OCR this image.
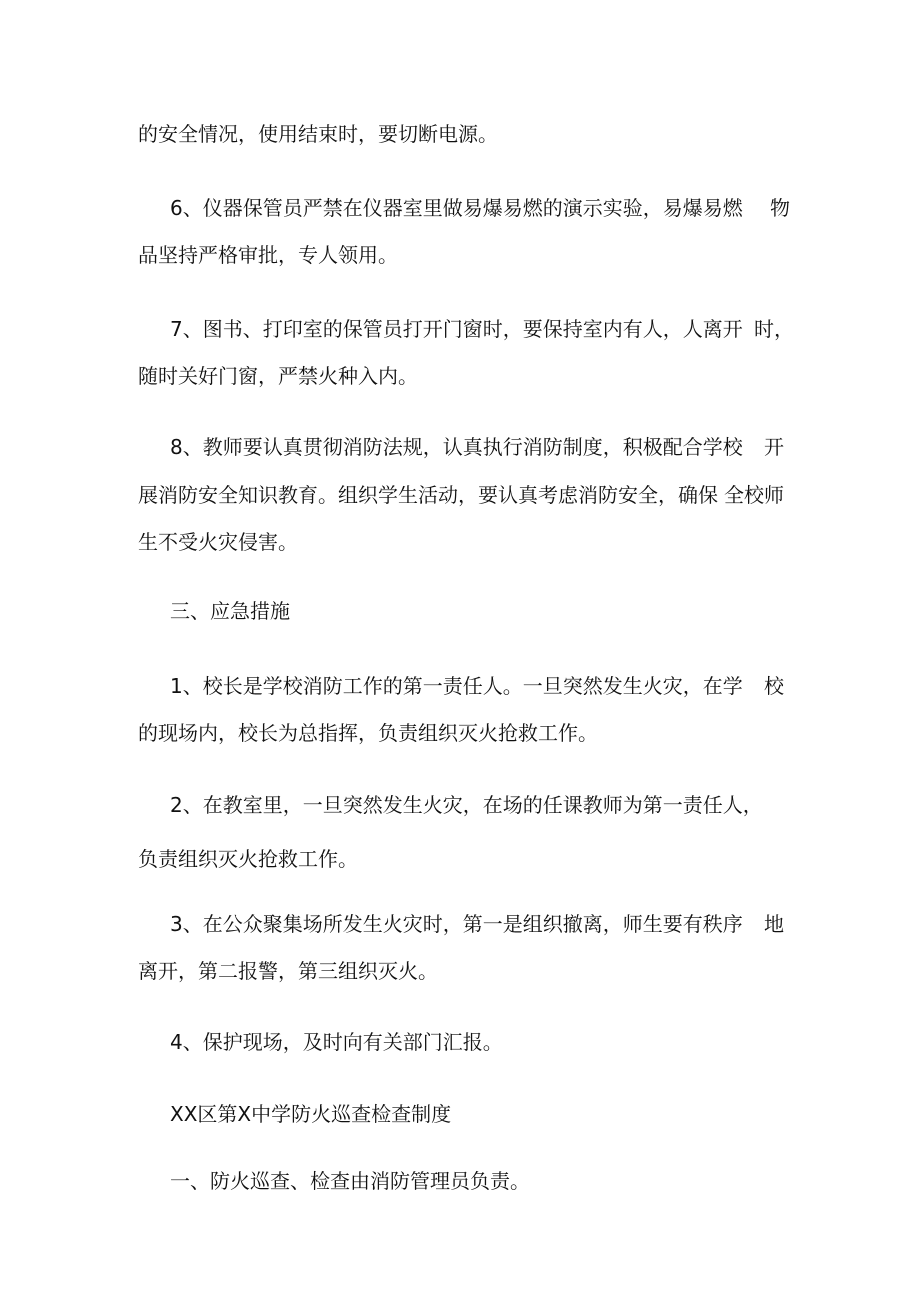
的安全情况，使用结束时，要切断电源。

6、仪器保管员严禁在仪器室里做易爆易燃的演示实验，易爆易燃 物

品坚持严格审批，专人领用。

7、图书、打印室的保管员打开门窗时，要保持室内有人，人离开 时，

随时关好门窗，严禁火种入内。

8、教师要认真贯彻消防法规，认真执行消防制度，积极配合学校 开

展消防安全知识教育。组织学生活动，要认真考虑消防安全，确保 全校师

生不受火灾侵害。

三、应急措施

1、校长是学校消防工作的第一责任人。一旦突然发生火灾，在学 校

的现场内，校长为总指挥，负责组织灭火抢救工作。

2、在教室里，一旦突然发生火灾，在场的任课教师为第一责任人，

负责组织灭火抢救工作。

3、在公众聚集场所发生火灾时，第一是组织撤离，师生要有秩序 地

离开，第二报警，第三组织灭火。

4、保护现场，及时向有关部门汇报。

XX区第X中学防火巡查检查制度

一、防火巡查、检查由消防管理员负责。
